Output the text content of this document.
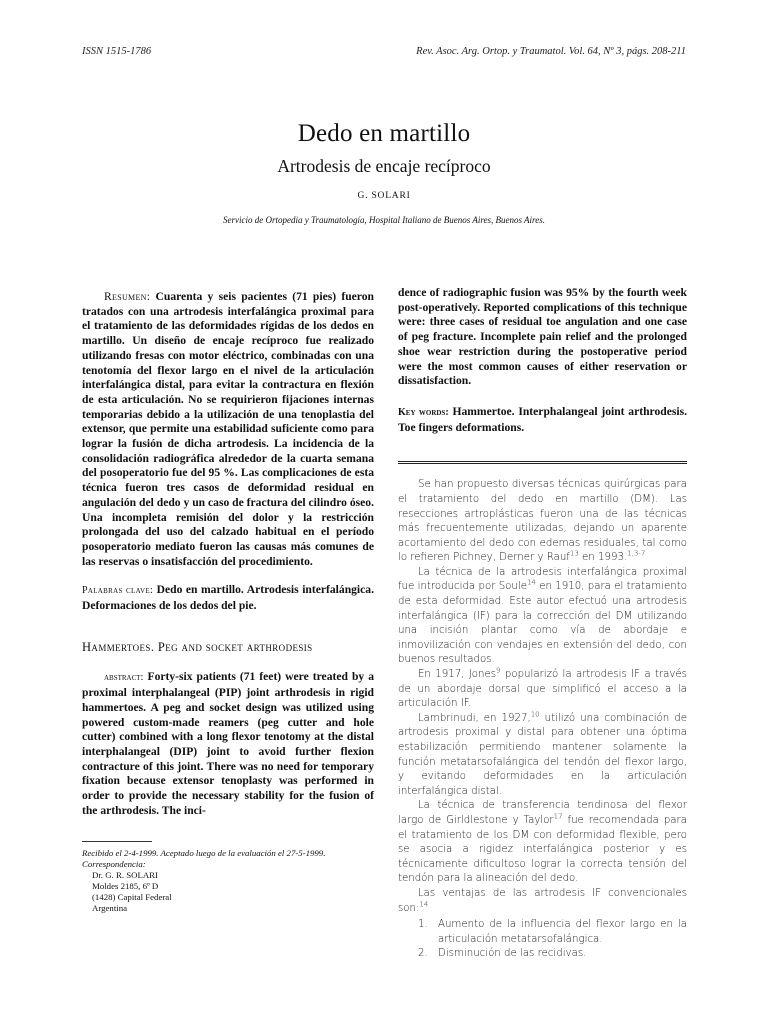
ISSN 1515-1786	Rev. Asoc. Arg. Ortop. y Traumatol. Vol. 64, Nº 3, págs. 208-211
Dedo en martillo
Artrodesis de encaje recíproco
G. SOLARI
Servicio de Ortopedia y Traumatología, Hospital Italiano de Buenos Aires, Buenos Aires.

Resumen: Cuarenta y seis pacientes (71 pies) fueron tratados con una artrodesis interfalángica proximal para el tratamiento de las deformidades rígidas de los dedos en martillo. Un diseño de encaje recíproco fue realizado utilizando fresas con motor eléctrico, combinadas con una tenotomía del flexor largo en el nivel de la articulación interfalángica distal, para evitar la contractura en flexión de esta articulación. No se requirieron fijaciones internas temporarias debido a la utilización de una tenoplastia del extensor, que permite una estabilidad suficiente como para lograr la fusión de dicha artrodesis. La incidencia de la consolidación radiográfica alrededor de la cuarta semana del posoperatorio fue del 95 %. Las complicaciones de esta técnica fueron tres casos de deformidad residual en angulación del dedo y un caso de fractura del cilindro óseo. Una incompleta remisión del dolor y la restricción prolongada del uso del calzado habitual en el período posoperatorio mediato fueron las causas más comunes de las reservas o insatisfacción del procedimiento.

Palabras clave: Dedo en martillo. Artrodesis interfalángica. Deformaciones de los dedos del pie.

Hammertoes. Peg and socket arthrodesis

abstract: Forty-six patients (71 feet) were treated by a proximal interphalangeal (PIP) joint arthrodesis in rigid hammertoes. A peg and socket design was utilized using powered custom-made reamers (peg cutter and hole cutter) combined with a long flexor tenotomy at the distal interphalangeal (DIP) joint to avoid further flexion contracture of this joint. There was no need for temporary fixation because extensor tenoplasty was performed in order to provide the necessary stability for the fusion of the arthrodesis. The inci-

Recibido el 2-4-1999. Aceptado luego de la evaluación el 27-5-1999.
Correspondencia:
Dr. G. R. SOLARI
Moldes 2185, 6º D
(1428) Capital Federal
Argentina

dence of radiographic fusion was 95% by the fourth week post-operatively. Reported complications of this technique were: three cases of residual toe angulation and one case of peg fracture. Incomplete pain relief and the prolonged shoe wear restriction during the postoperative period were the most common causes of either reservation or dissatisfaction.

Key words: Hammertoe. Interphalangeal joint arthrodesis. Toe fingers deformations.

Se han propuesto diversas técnicas quirúrgicas para el tratamiento del dedo en martillo (DM). Las resecciones artroplásticas fueron una de las técnicas más frecuentemente utilizadas, dejando un aparente acortamiento del dedo con edemas residuales, tal como lo refieren Pichney, Derner y Rauf$^{13}$ en 1993.$^{1,3-7}$

La técnica de la artrodesis interfalángica proximal fue introducida por Soule$^{14}$ en 1910, para el tratamiento de esta deformidad. Este autor efectuó una artrodesis interfalángica (IF) para la corrección del DM utilizando una incisión plantar como vía de abordaje e inmovilización con vendajes en extensión del dedo, con buenos resultados.

En 1917, Jones$^9$ popularizó la artrodesis IF a través de un abordaje dorsal que simplificó el acceso a la articulación IF.

Lambrinudi, en 1927,10 utilizó una combinación de artrodesis proximal y distal para obtener una óptima estabilización permitiendo mantener solamente la función metatarsofalángica del tendón del flexor largo, y evitando deformidades en la articulación interfalángica distal.

La técnica de transferencia tendinosa del flexor largo de Girldlestone y Taylor$^{17}$ fue recomendada para el tratamiento de los DM con deformidad flexible, pero se asocia a rigidez interfalángica posterior y es técnicamente dificultoso lograr la correcta tensión del tendón para la alineación del dedo.

Las ventajas de las artrodesis IF convencionales son:$^{14}$

1. Aumento de la influencia del flexor largo en la articulación metatarsofalángica.
2. Disminución de las recidivas.
